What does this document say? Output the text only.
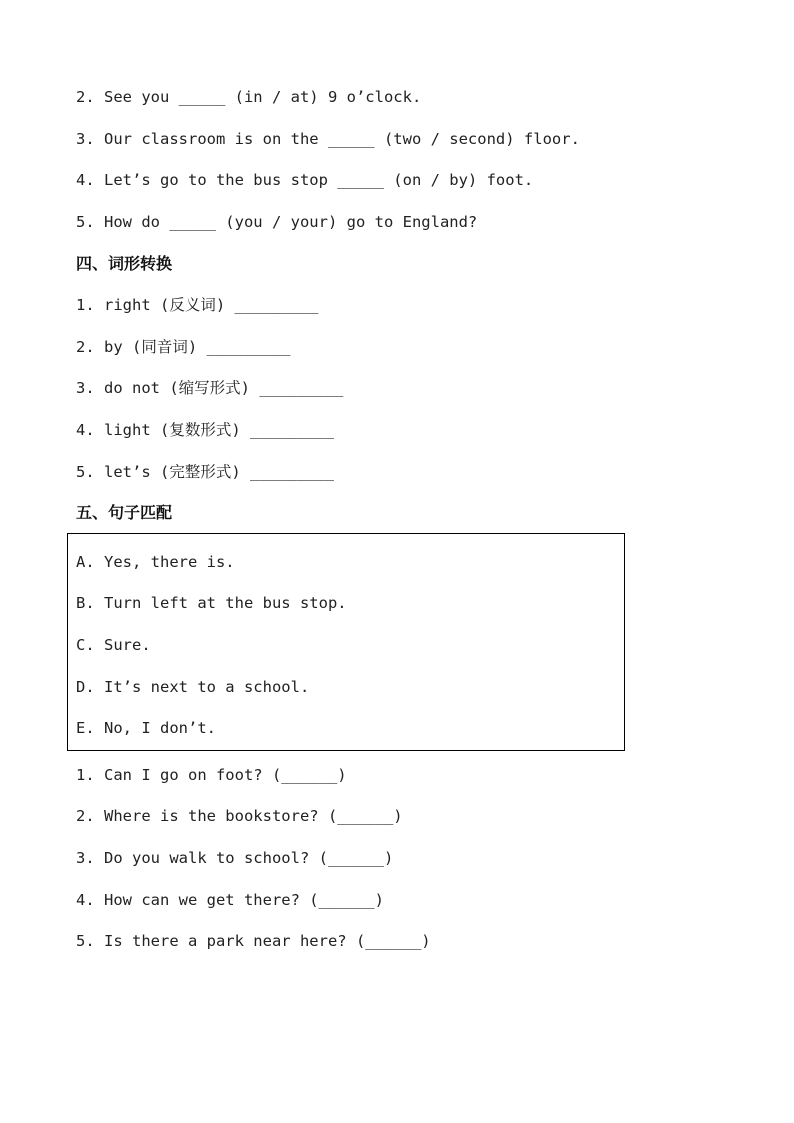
2. See you _____ (in / at) 9 o’clock.
3. Our classroom is on the _____ (two / second) floor.
4. Let’s go to the bus stop _____ (on / by) foot.
5. How do _____ (you / your) go to England?
四、词形转换
1. right (反义词) _________
2. by (同音词) _________
3. do not (缩写形式) _________
4. light (复数形式) _________
5. let’s (完整形式) _________
五、句子匹配
A. Yes, there is.
B. Turn left at the bus stop.
C. Sure.
D. It’s next to a school.
E. No, I don’t.
1. Can I go on foot? (______)
2. Where is the bookstore? (______)
3. Do you walk to school? (______)
4. How can we get there? (______)
5. Is there a park near here? (______)
